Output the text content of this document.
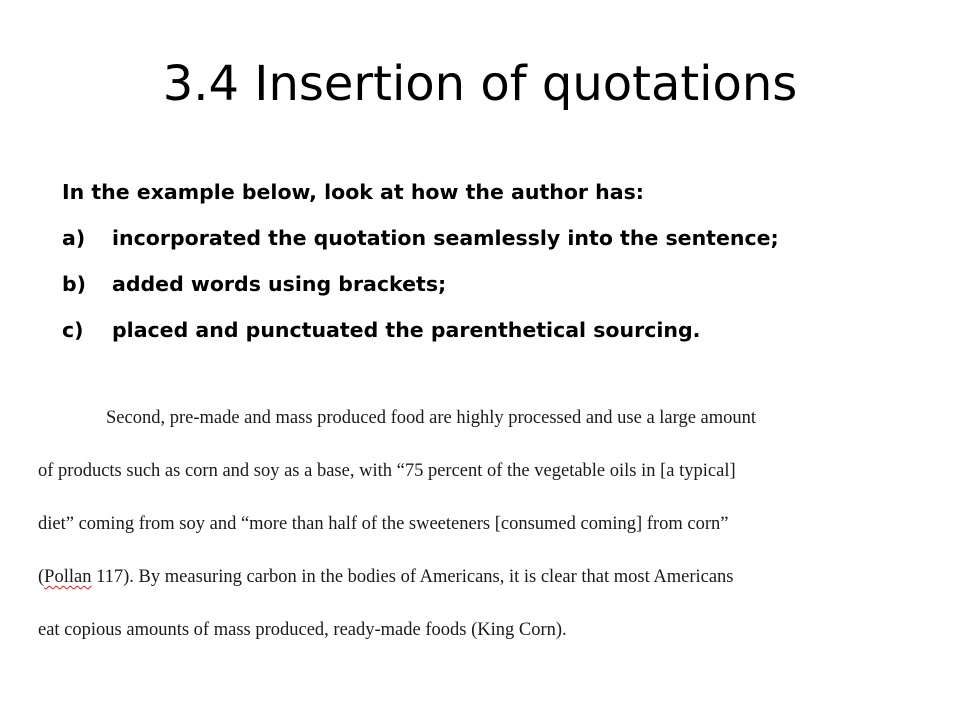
3.4 Insertion of quotations
In the example below, look at how the author has:
a) incorporated the quotation seamlessly into the sentence;
b) added words using brackets;
c) placed and punctuated the parenthetical sourcing.
Second, pre-made and mass produced food are highly processed and use a large amount
of products such as corn and soy as a base, with “75 percent of the vegetable oils in [a typical]
diet” coming from soy and “more than half of the sweeteners [consumed coming] from corn”
(Pollan 117). By measuring carbon in the bodies of Americans, it is clear that most Americans
eat copious amounts of mass produced, ready-made foods (King Corn).
